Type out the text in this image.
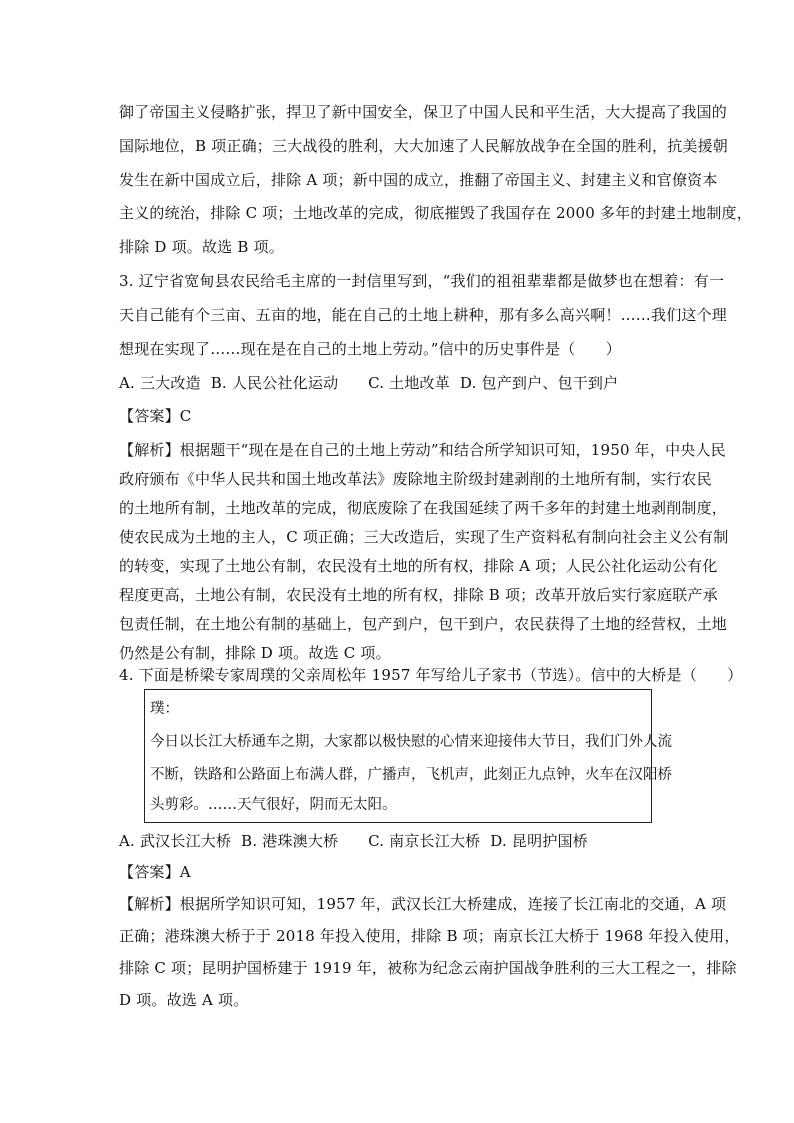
御了帝国主义侵略扩张，捍卫了新中国安全，保卫了中国人民和平生活，大大提高了我国的
国际地位，B 项正确；三大战役的胜利，大大加速了人民解放战争在全国的胜利，抗美援朝
发生在新中国成立后，排除 A 项；新中国的成立，推翻了帝国主义、封建主义和官僚资本
主义的统治，排除 C 项；土地改革的完成，彻底摧毁了我国存在 2000 多年的封建土地制度，
排除 D 项。故选 B 项。
3. 辽宁省宽甸县农民给毛主席的一封信里写到，“我们的祖祖辈辈都是做梦也在想着：有一
天自己能有个三亩、五亩的地，能在自己的土地上耕种，那有多么高兴啊！……我们这个理
想现在实现了……现在是在自己的土地上劳动。”信中的历史事件是（　　）
A. 三大改造  B. 人民公社化运动      C. 土地改革  D. 包产到户、包干到户
【答案】C
【解析】根据题干“现在是在自己的土地上劳动”和结合所学知识可知，1950 年，中央人民
政府颁布《中华人民共和国土地改革法》废除地主阶级封建剥削的土地所有制，实行农民
的土地所有制，土地改革的完成，彻底废除了在我国延续了两千多年的封建土地剥削制度，
使农民成为土地的主人，C 项正确；三大改造后，实现了生产资料私有制向社会主义公有制
的转变，实现了土地公有制，农民没有土地的所有权，排除 A 项；人民公社化运动公有化
程度更高，土地公有制，农民没有土地的所有权，排除 B 项；改革开放后实行家庭联产承
包责任制，在土地公有制的基础上，包产到户，包干到户，农民获得了土地的经营权，土地
4. 下面是桥梁专家周璞的父亲周松年 1957 年写给儿子家书（节选）。信中的大桥是（　　）
璞：
今日以长江大桥通车之期，大家都以极快慰的心情来迎接伟大节日，我们门外人流
不断，铁路和公路面上布满人群，广播声，飞机声，此刻正九点钟，火车在汉阳桥
头剪彩。……天气很好，阴而无太阳。
A. 武汉长江大桥  B. 港珠澳大桥      C. 南京长江大桥  D. 昆明护国桥
【答案】A
【解析】根据所学知识可知，1957 年，武汉长江大桥建成，连接了长江南北的交通，A 项
正确；港珠澳大桥于于 2018 年投入使用，排除 B 项；南京长江大桥于 1968 年投入使用，
排除 C 项；昆明护国桥建于 1919 年，被称为纪念云南护国战争胜利的三大工程之一，排除
D 项。故选 A 项。
仍然是公有制，排除 D 项。故选 C 项。
